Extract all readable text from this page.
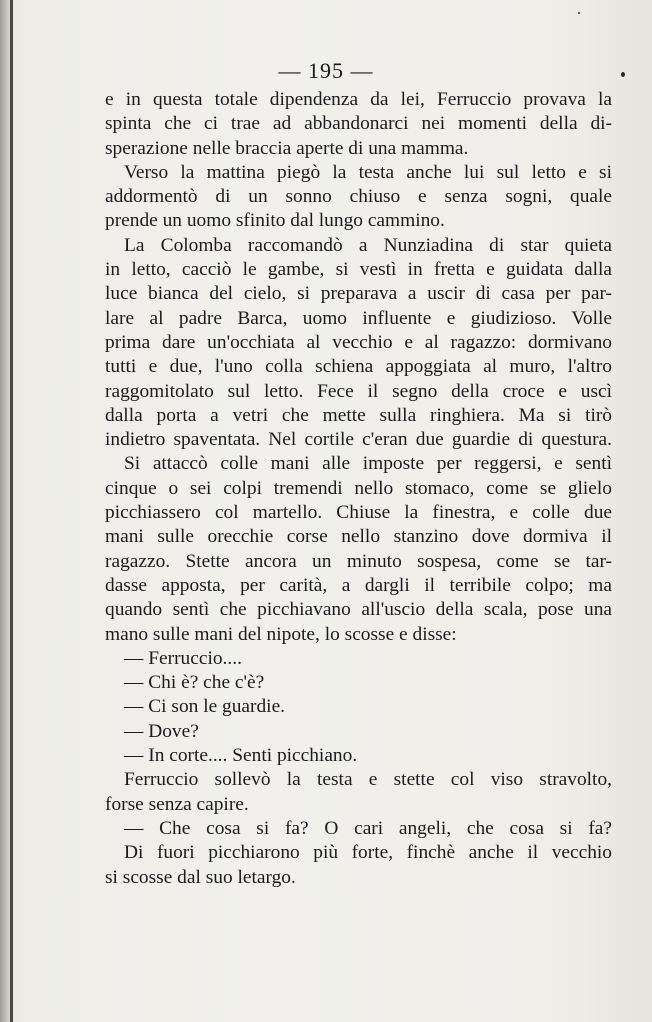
— 195 —
e in questa totale dipendenza da lei, Ferruccio provava la
spinta che ci trae ad abbandonarci nei momenti della di-
sperazione nelle braccia aperte di una mamma.
Verso la mattina piegò la testa anche lui sul letto e si
addormentò di un sonno chiuso e senza sogni, quale
prende un uomo sfinito dal lungo cammino.
La Colomba raccomandò a Nunziadina di star quieta
in letto, cacciò le gambe, si vestì in fretta e guidata dalla
luce bianca del cielo, si preparava a uscir di casa per par-
lare al padre Barca, uomo influente e giudizioso. Volle
prima dare un'occhiata al vecchio e al ragazzo: dormivano
tutti e due, l'uno colla schiena appoggiata al muro, l'altro
raggomitolato sul letto. Fece il segno della croce e uscì
dalla porta a vetri che mette sulla ringhiera. Ma si tirò
indietro spaventata. Nel cortile c'eran due guardie di questura.
Si attaccò colle mani alle imposte per reggersi, e sentì
cinque o sei colpi tremendi nello stomaco, come se glielo
picchiassero col martello. Chiuse la finestra, e colle due
mani sulle orecchie corse nello stanzino dove dormiva il
ragazzo. Stette ancora un minuto sospesa, come se tar-
dasse apposta, per carità, a dargli il terribile colpo; ma
quando sentì che picchiavano all'uscio della scala, pose una
mano sulle mani del nipote, lo scosse e disse:
— Ferruccio....
— Chi è? che c'è?
— Ci son le guardie.
— Dove?
— In corte.... Senti picchiano.
Ferruccio sollevò la testa e stette col viso stravolto,
forse senza capire.
— Che cosa si fa? O cari angeli, che cosa si fa?
Di fuori picchiarono più forte, finchè anche il vecchio
si scosse dal suo letargo.
